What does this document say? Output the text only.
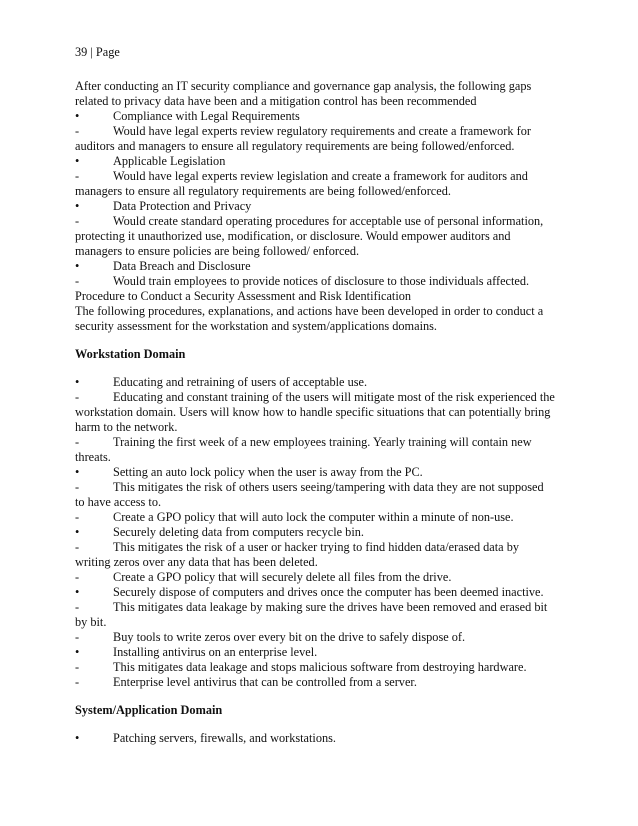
39 | Page
After conducting an IT security compliance and governance gap analysis, the following gaps
related to privacy data have been and a mitigation control has been recommended
•	Compliance with Legal Requirements
-	Would have legal experts review regulatory requirements and create a framework for
auditors and managers to ensure all regulatory requirements are being followed/enforced.
•	Applicable Legislation
-	Would have legal experts review legislation and create a framework for auditors and
managers to ensure all regulatory requirements are being followed/enforced.
•	Data Protection and Privacy
-	Would create standard operating procedures for acceptable use of personal information,
protecting it unauthorized use, modification, or disclosure. Would empower auditors and
managers to ensure policies are being followed/ enforced.
•	Data Breach and Disclosure
-	Would train employees to provide notices of disclosure to those individuals affected.
Procedure to Conduct a Security Assessment and Risk Identification
The following procedures, explanations, and actions have been developed in order to conduct a
security assessment for the workstation and system/applications domains.
Workstation Domain
•	Educating and retraining of users of acceptable use.
-	Educating and constant training of the users will mitigate most of the risk experienced the
workstation domain. Users will know how to handle specific situations that can potentially bring
harm to the network.
-	Training the first week of a new employees training. Yearly training will contain new
threats.
•	Setting an auto lock policy when the user is away from the PC.
-	This mitigates the risk of others users seeing/tampering with data they are not supposed
to have access to.
-	Create a GPO policy that will auto lock the computer within a minute of non-use.
•	Securely deleting data from computers recycle bin.
-	This mitigates the risk of a user or hacker trying to find hidden data/erased data by
writing zeros over any data that has been deleted.
-	Create a GPO policy that will securely delete all files from the drive.
•	Securely dispose of computers and drives once the computer has been deemed inactive.
-	This mitigates data leakage by making sure the drives have been removed and erased bit
by bit.
-	Buy tools to write zeros over every bit on the drive to safely dispose of.
•	Installing antivirus on an enterprise level.
-	This mitigates data leakage and stops malicious software from destroying hardware.
-	Enterprise level antivirus that can be controlled from a server.
System/Application Domain
•	Patching servers, firewalls, and workstations.
